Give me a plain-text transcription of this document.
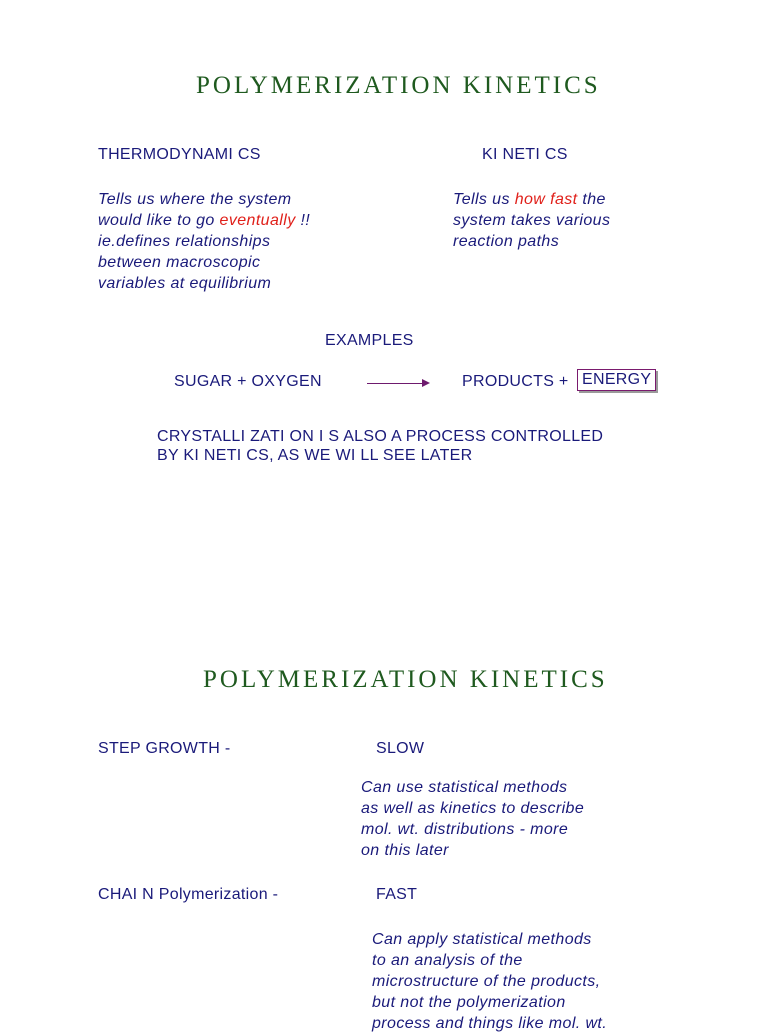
POLYMERIZATION KINETICS
THERMODYNAMI CS	KI NETI CS
Tells us where the system
would like to go eventually !!
ie.defines relationships
between macroscopic
variables at equilibrium
Tells us how fast the
system takes various
reaction paths
EXAMPLES
SUGAR + OXYGEN	PRODUCTS + ENERGY
CRYSTALLI ZATI ON I S ALSO A PROCESS CONTROLLED
BY KI NETI CS, AS WE WI LL SEE LATER
POLYMERIZATION KINETICS
STEP GROWTH -	SLOW
Can use statistical methods
as well as kinetics to describe
mol. wt. distributions - more
on this later
CHAI N Polymerization -	FAST
Can apply statistical methods
to an analysis of the
microstructure of the products,
but not the polymerization
process and things like mol. wt.
